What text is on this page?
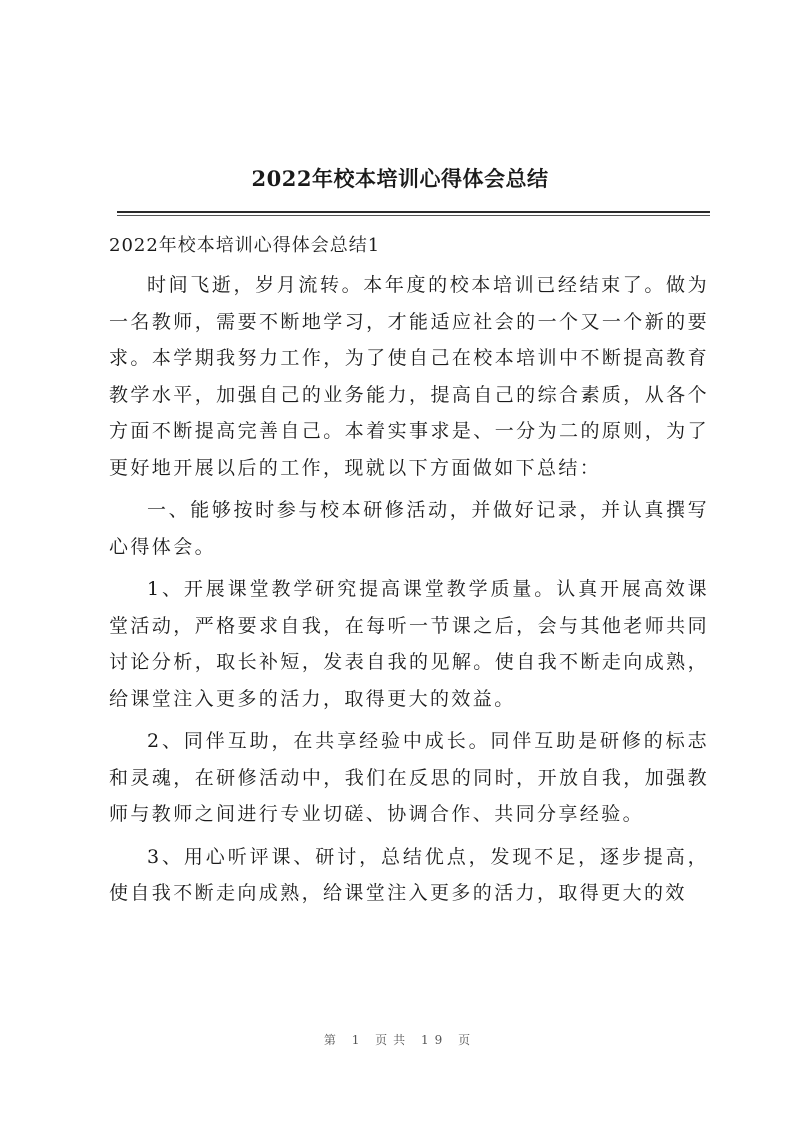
2022年校本培训心得体会总结
2022年校本培训心得体会总结1

时间飞逝，岁月流转。本年度的校本培训已经结束了。做为一名教师，需要不断地学习，才能适应社会的一个又一个新的要求。本学期我努力工作，为了使自己在校本培训中不断提高教育教学水平，加强自己的业务能力，提高自己的综合素质，从各个方面不断提高完善自己。本着实事求是、一分为二的原则，为了更好地开展以后的工作，现就以下方面做如下总结：

一、能够按时参与校本研修活动，并做好记录，并认真撰写心得体会。

1、开展课堂教学研究提高课堂教学质量。认真开展高效课堂活动，严格要求自我，在每听一节课之后，会与其他老师共同讨论分析，取长补短，发表自我的见解。使自我不断走向成熟，给课堂注入更多的活力，取得更大的效益。

2、同伴互助，在共享经验中成长。同伴互助是研修的标志和灵魂，在研修活动中，我们在反思的同时，开放自我，加强教师与教师之间进行专业切磋、协调合作、共同分享经验。

3、用心听评课、研讨，总结优点，发现不足，逐步提高，使自我不断走向成熟，给课堂注入更多的活力，取得更大的效

第 1 页共 19 页
